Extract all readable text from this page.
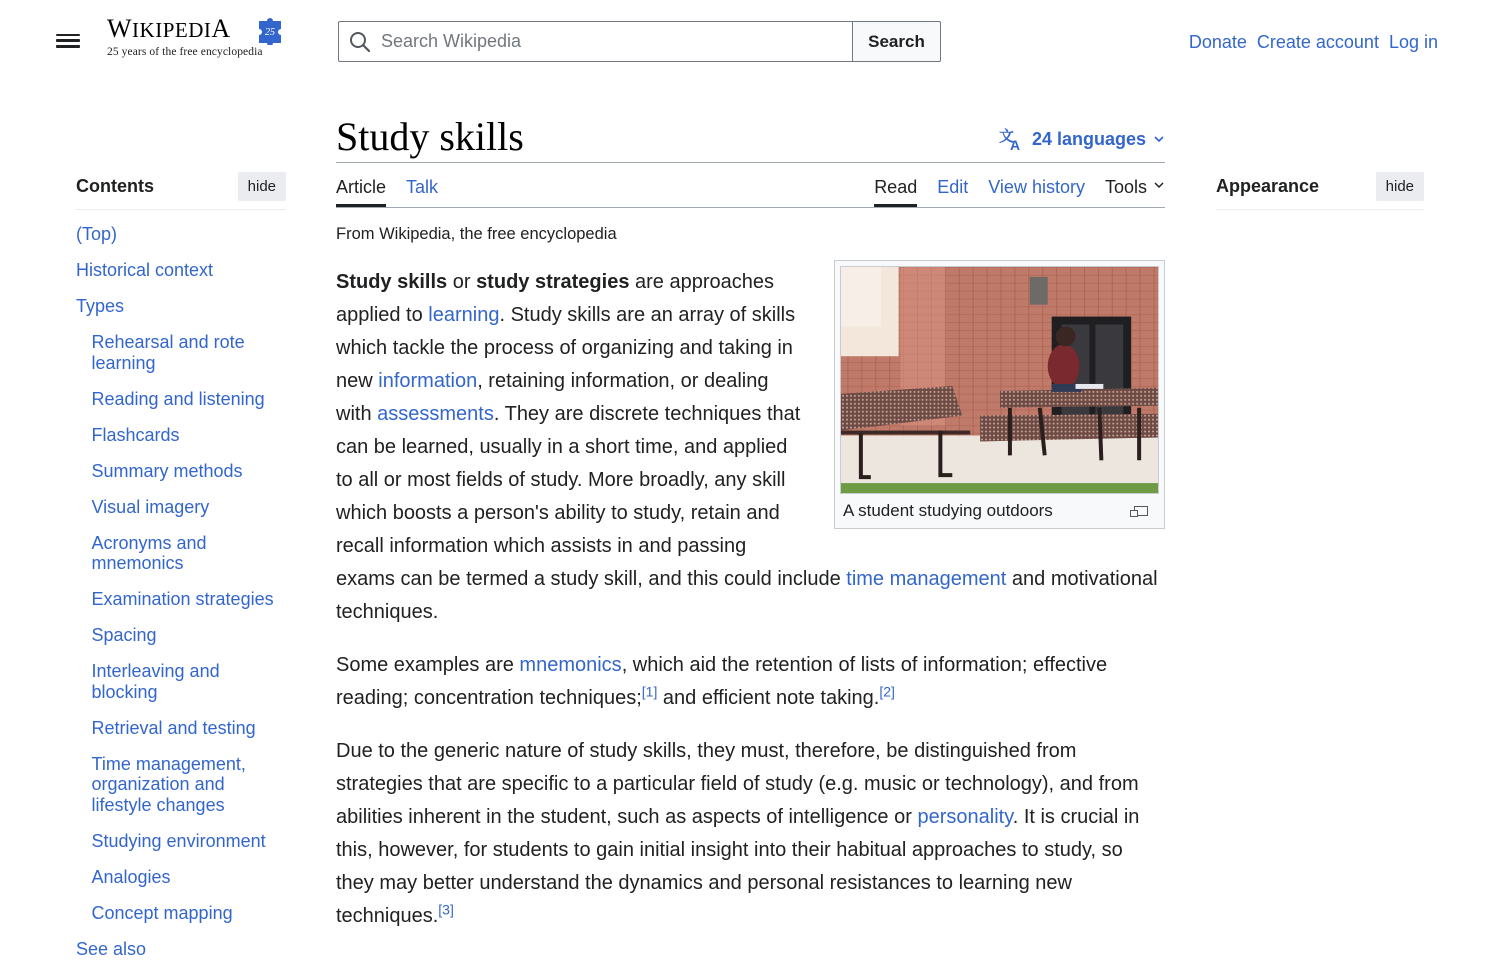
WIKIPEDIA	25
25 years of the free encyclopedia
Search Wikipedia
Search	Donate Create account Log in
Contents	hide
(Top)
Historical context
Types
Rehearsal and rote learning
Reading and listening
Flashcards
Summary methods
Visual imagery
Acronyms and mnemonics
Examination strategies
Spacing
Interleaving and blocking
Retrieval and testing
Time management, organization and lifestyle changes
Studying environment
Analogies
Concept mapping
See also
Study skills	文
A 24 languages
Article Talk	Read Edit View history Tools
From Wikipedia, the free encyclopedia
A student studying outdoors

Study skills or study strategies are approaches applied to learning. Study skills are an array of skills which tackle the process of organizing and taking in new information, retaining information, or dealing with assessments. They are discrete techniques that can be learned, usually in a short time, and applied to all or most fields of study. More broadly, any skill which boosts a person's ability to study, retain and recall information which assists in and passing exams can be termed a study skill, and this could include time management and motivational techniques.

Some examples are mnemonics, which aid the retention of lists of information; effective reading; concentration techniques;[1] and efficient note taking.[2]

Due to the generic nature of study skills, they must, therefore, be distinguished from strategies that are specific to a particular field of study (e.g. music or technology), and from abilities inherent in the student, such as aspects of intelligence or personality. It is crucial in this, however, for students to gain initial insight into their habitual approaches to study, so they may better understand the dynamics and personal resistances to learning new techniques.[3]

Appearance	hide
